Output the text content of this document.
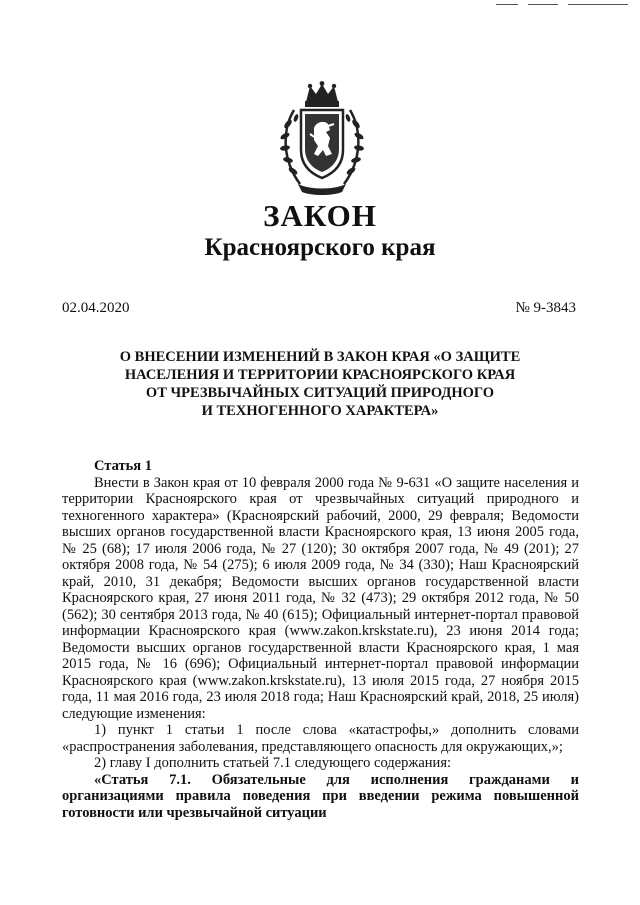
ЗАКОН
Красноярского края
02.04.2020	№ 9-3843
О ВНЕСЕНИИ ИЗМЕНЕНИЙ В ЗАКОН КРАЯ «О ЗАЩИТЕ
НАСЕЛЕНИЯ И ТЕРРИТОРИИ КРАСНОЯРСКОГО КРАЯ
ОТ ЧРЕЗВЫЧАЙНЫХ СИТУАЦИЙ ПРИРОДНОГО
И ТЕХНОГЕННОГО ХАРАКТЕРА»
Статья 1

Внести в Закон края от 10 февраля 2000 года № 9-631 «О защите населения и территории Красноярского края от чрезвычайных ситуаций природного и техногенного характера» (Красноярский рабочий, 2000, 29 февраля; Ведомости высших органов государственной власти Красноярского края, 13 июня 2005 года, № 25 (68); 17 июля 2006 года, № 27 (120); 30 октября 2007 года, № 49 (201); 27 октября 2008 года, № 54 (275); 6 июля 2009 года, № 34 (330); Наш Красноярский край, 2010, 31 декабря; Ведомости высших органов государственной власти Красноярского края, 27 июня 2011 года, № 32 (473); 29 октября 2012 года, № 50 (562); 30 сентября 2013 года, № 40 (615); Официальный интернет-портал правовой информации Красноярского края (www.zakon.krskstate.ru), 23 июня 2014 года; Ведомости высших органов государственной власти Красноярского края, 1 мая 2015 года, № 16 (696); Официальный интернет-портал правовой информации Красноярского края (www.zakon.krskstate.ru), 13 июля 2015 года, 27 ноября 2015 года, 11 мая 2016 года, 23 июля 2018 года; Наш Красноярский край, 2018, 25 июля) следующие изменения:

1) пункт 1 статьи 1 после слова «катастрофы,» дополнить словами «распространения заболевания, представляющего опасность для окружающих,»;

2) главу I дополнить статьей 7.1 следующего содержания:

«Статья 7.1. Обязательные для исполнения гражданами и организациями правила поведения при введении режима повышенной готовности или чрезвычайной ситуации
